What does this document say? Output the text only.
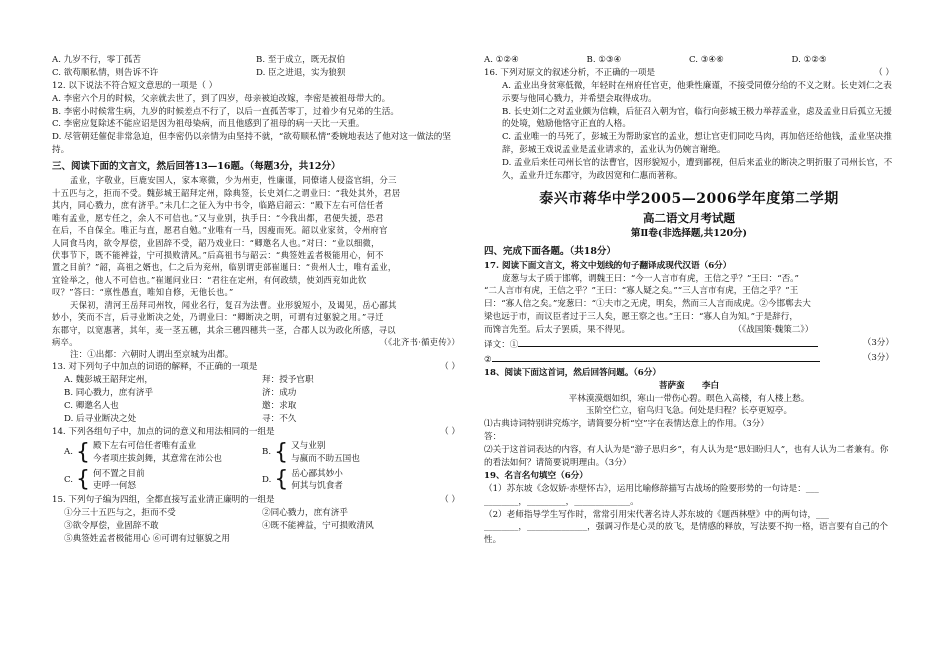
A. 九岁不行，零丁孤苦	B. 至于成立，既无叔伯
C. 欲苟顺私情，则告诉不许	D. 臣之进退，实为狼狈
12. 以下说法不符合短文意思的一项是（ ）
A. 李密六个月的时候，父亲就去世了，到了四岁，母亲被迫改嫁，李密是被祖母带大的。
B. 李密小时候常生病，九岁的时候差点不行了，以后一直孤苦零丁，过着少有兄弟的生活。
C. 李密应复除述不能应诏是因为祖母染病，而且他感到了祖母的病一天比一天重。
D. 尽管朝廷催促非常急迫，但李密仍以亲情为由坚持不就，“欲苟顺私情”委婉地表达了他对这一做法的坚持。
三、阅读下面的文言文，然后回答13—16题。（每题3分，共12分）
孟业，字敬业，巨鹿安国人，家本寒微，少为州吏，性廉谨，同僚诸人侵盗官绢，分三
十五匹与之，拒而不受。魏彭城王韶拜定州，除典签，长史刘仁之谓业曰：“我处其外，君居
其内，同心戮力，庶有济乎。”未几仁之征入为中书令，临路启韶云：“殿下左右可信任者
唯有孟业，愿专任之，余人不可信也。”又与业别，执手曰：“今我出都，君便失援，恐君
在后，不自保全。唯正与直，愿君自勉。”业唯有一马，因瘦而死。韶以业家贫，令州府官
人同食马肉，欲令厚偿，业固辞不受，韶乃戏业曰：“卿邀名人也。”对曰：“业以细微，
伏事节下，既不能裨益，宁可损败清风。”后高祖书与韶云：“典签姓孟者极能用心，何不
置之目前？”韶，高祖之婿也，仁之后为兖州，临别谓吏部崔暹曰：“贵州人士，唯有孟业，
宜铨举之，他人不可信也。”崔暹问业曰：“君往在定州，有何政绩，使刘西兖如此钦
叹？”答曰：“禀性愚直，唯知自修，无他长也。”
天保初，清河王岳拜司州牧，闻业名行，复召为法曹。业形貌短小，及谒见，岳心鄙其
妙小，笑而不言，后寻业断决之处，乃谓业曰：“卿断决之明，可谓有过躯貌之用。”寻迁
东郡守，以宽惠著，其年，麦一茎五穗，其余三穗四穗共一茎，合郡人以为政化所感，寻以
病卒。	（《北齐书·循吏传》）
注：①出都：六朝时人谓出至京城为出都。
13. 对下列句子中加点的词语的解释，不正确的一项是	（ ）
A. 魏彭城王韶拜定州，	拜：授予官职
B. 同心戮力，庶有济乎	济：成功
C. 卿邀名人也	邀：求取
D. 后寻业断决之处	寻：不久
14. 下列各组句子中，加点的词的意义和用法相同的一组是	（ ）
A. { 殿下左右可信任者唯有孟业
今者项庄拔剑舞，其意常在沛公也
B. { 又与业别
与嬴而不助五国也
C. { 何不置之目前
吏呼一何怒
D. { 岳心鄙其妙小
何其与饥食者
15. 下列句子编为四组，全都直接写孟业清正廉明的一组是	（ ）
①分三十五匹与之，拒而不受	②同心戮力，庶有济乎
③欲令厚偿，业固辞不敢	④既不能裨益，宁可损败清风
⑤典签姓孟者极能用心 ⑥可谓有过躯貌之用
A. ①②④	B. ①③④	C. ③④⑥	D. ①②⑤
16. 下列对原文的叙述分析，不正确的一项是	（ ）
A. 孟业出身贫寒低微，年轻时在州府任官吏，他秉性廉谨，不接受同僚分给的不义之财。长史刘仁之表示要与他同心戮力，并希望会取得成功。
B. 长史刘仁之对孟业颇为信赖，后征召入朝为官，临行向彭城王极力举荐孟业，虑及孟业日后孤立无援的处境，勉励他恪守正直的人格。
C. 孟业唯一的马死了，彭城王为帮助家官的孟业，想让官吏们同吃马肉，再加倍还给他钱，孟业坚决推辞，彭城王戏说孟业是孟业请求的，孟业认为仍婉言谢绝。
D. 孟业后来任司州长官的法曹官，因形貌短小，遭到鄙视，但后来孟业的断决之明折服了司州长官，不久，孟业升迁东郡守，为政因宽和仁惠而著称。
泰兴市蒋华中学2005—2006学年度第二学期
高二语文月考试题
第Ⅱ卷(非选择题,共120分)
四、完成下面各题。（共18分）
17. 阅读下面文言文，将文中划线的句子翻译成现代汉语（6分）
庞葱与太子质于邯郸，谓魏王曰：“今一人言市有虎，王信之乎？”王曰：“否。”
“二人言市有虎，王信之乎？”王曰：“寡人疑之矣。”“三人言市有虎，王信之乎？”王
曰：“寡人信之矣。”宠葱曰：“①夫市之无虎，明矣，然而三人言而成虎。②今邯郸去大
梁也远于市，而议臣者过于三人矣，愿王察之也。”王曰：“寡人自为知。”于是辞行，
而馋言先至。后太子罢质，果不得见。　　　　　　　　　　　　　（《战国策·魏策二》）
译文：①	（3分）
②	（3分）
18、阅读下面这首词，然后回答问题。（6分）
菩萨蛮　　李白
平林漠漠烟如织，寒山一带伤心碧。暝色入高楼，有人楼上愁。
玉阶空伫立，宿鸟归飞急。何处是归程？长亭更短亭。
⑴古典诗词特别讲究炼字，请简要分析“空”字在表情达意上的作用。（3分）
答：
⑵关于这首词表达的内容，有人认为是“游子思归乡”，有人认为是“思妇盼归人”，也有人认为二者兼有。你的看法如何？请简要说明理由。（3分）
19、名言名句填空（6分）
（1）苏东坡《念奴娇·赤壁怀古》，运用比喻修辞描写古战场的险要形势的一句诗是：___
________，_________，_____________。
（2）老师指导学生写作时，常常引用宋代著名诗人苏东坡的《题西林壁》中的两句诗，___
________，______________，强调习作是心灵的放飞，是情感的释放，写法要不拘一格，语言要有自己的个性。
